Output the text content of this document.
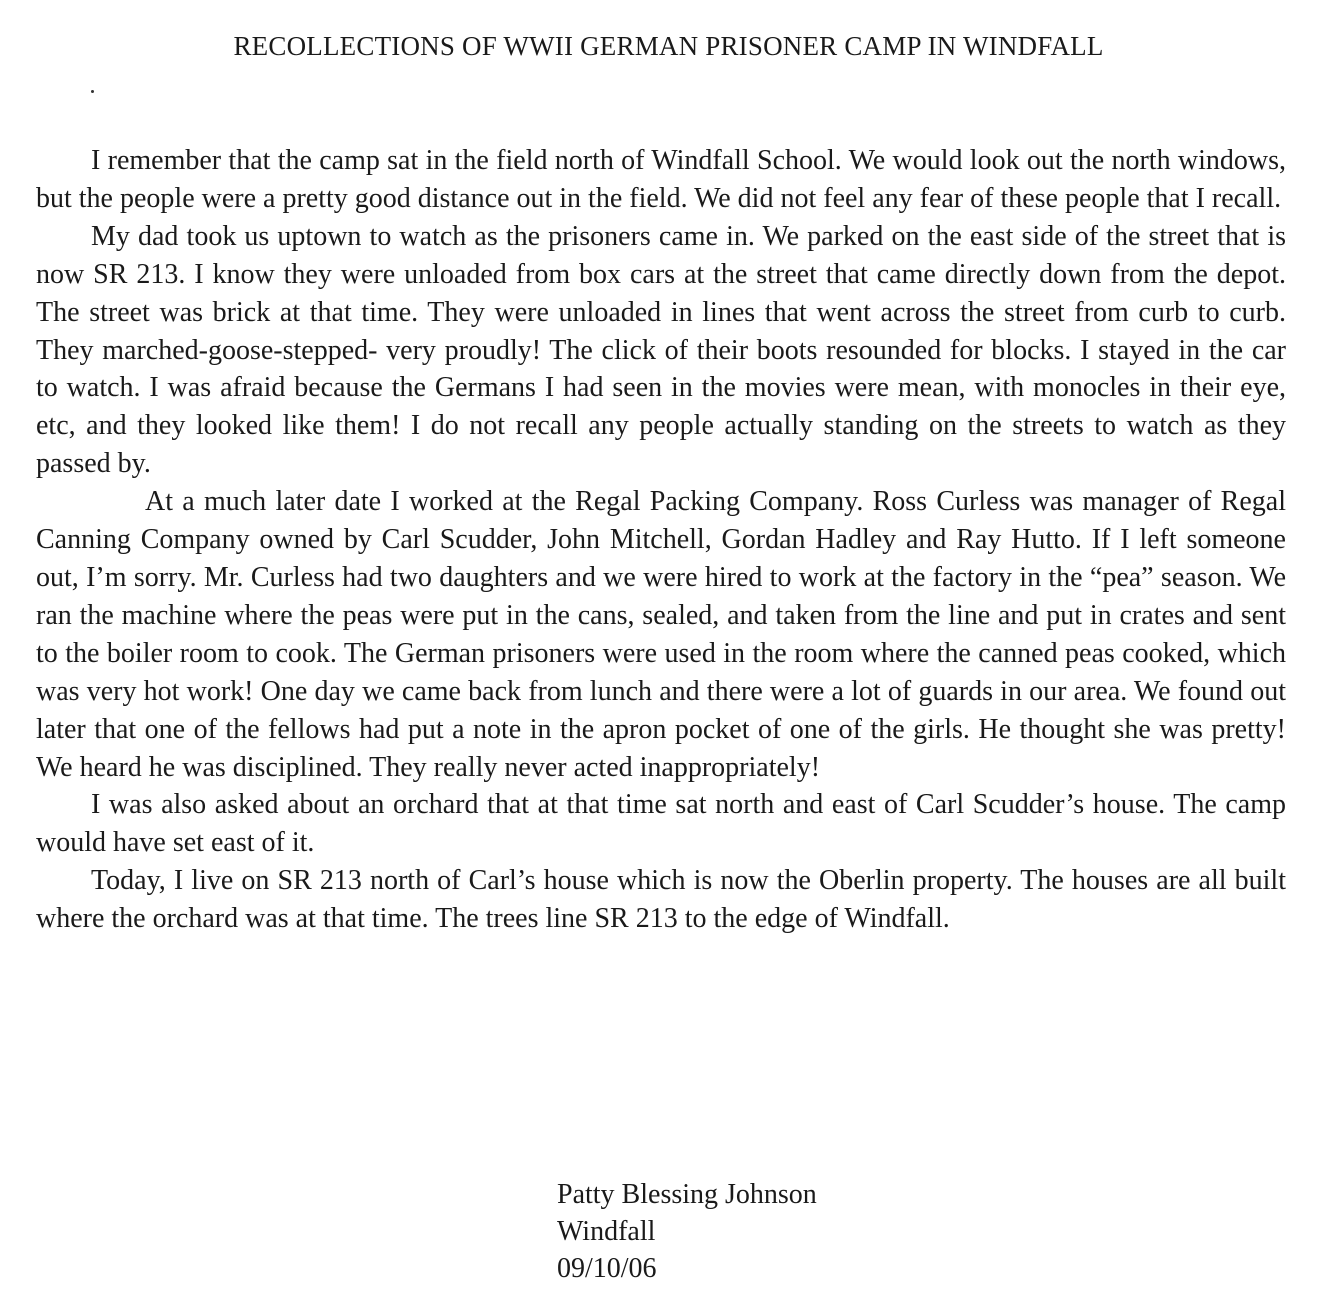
RECOLLECTIONS OF WWII GERMAN PRISONER CAMP IN WINDFALL

I remember that the camp sat in the field north of Windfall School. We would look out the north windows, but the people were a pretty good distance out in the field. We did not feel any fear of these people that I recall.

My dad took us uptown to watch as the prisoners came in. We parked on the east side of the street that is now SR 213. I know they were unloaded from box cars at the street that came directly down from the depot. The street was brick at that time. They were unloaded in lines that went across the street from curb to curb. They marched-goose-stepped- very proudly! The click of their boots resounded for blocks. I stayed in the car to watch. I was afraid because the Germans I had seen in the movies were mean, with monocles in their eye, etc, and they looked like them! I do not recall any people actually standing on the streets to watch as they passed by.

At a much later date I worked at the Regal Packing Company. Ross Curless was manager of Regal Canning Company owned by Carl Scudder, John Mitchell, Gordan Hadley and Ray Hutto. If I left someone out, I’m sorry. Mr. Curless had two daughters and we were hired to work at the factory in the “pea” season. We ran the machine where the peas were put in the cans, sealed, and taken from the line and put in crates and sent to the boiler room to cook. The German prisoners were used in the room where the canned peas cooked, which was very hot work! One day we came back from lunch and there were a lot of guards in our area. We found out later that one of the fellows had put a note in the apron pocket of one of the girls. He thought she was pretty! We heard he was disciplined. They really never acted inappropriately!

I was also asked about an orchard that at that time sat north and east of Carl Scudder’s house. The camp would have set east of it.

Today, I live on SR 213 north of Carl’s house which is now the Oberlin property. The houses are all built where the orchard was at that time. The trees line SR 213 to the edge of Windfall.

Patty Blessing Johnson
Windfall
09/10/06
